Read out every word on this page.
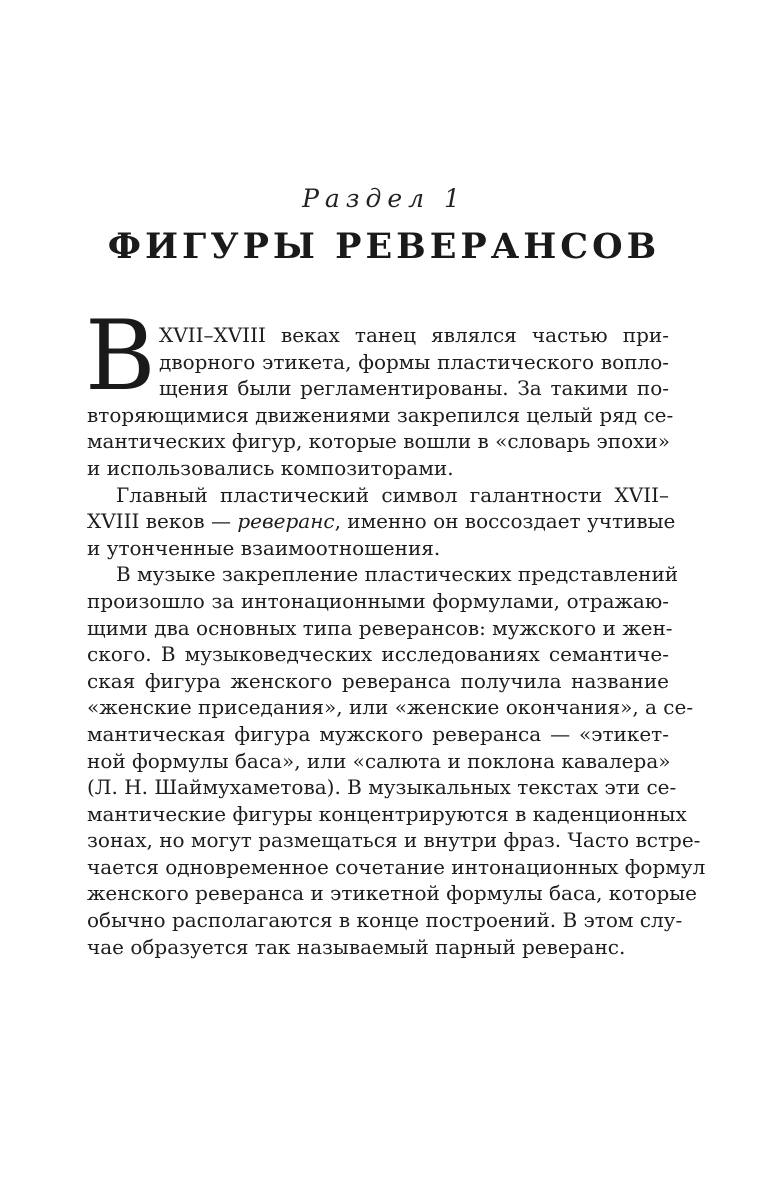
Раздел 1
ФИГУРЫ РЕВЕРАНСОВ
В XVII–XVIII веках танец являлся частью при-
дворного этикета, формы пластического вопло-
щения были регламентированы. За такими по-
вторяющимися движениями закрепился целый ряд се-
мантических фигур, которые вошли в «словарь эпохи»
и использовались композиторами.
Главный пластический символ галантности XVII–
XVIII веков — реверанс, именно он воссоздает учтивые
и утонченные взаимоотношения.
В музыке закрепление пластических представлений
произошло за интонационными формулами, отражаю-
щими два основных типа реверансов: мужского и жен-
ского. В музыковедческих исследованиях семантиче-
ская фигура женского реверанса получила название
«женские приседания», или «женские окончания», а се-
мантическая фигура мужского реверанса — «этикет-
ной формулы баса», или «салюта и поклона кавалера»
(Л. Н. Шаймухаметова). В музыкальных текстах эти се-
мантические фигуры концентрируются в каденционных
зонах, но могут размещаться и внутри фраз. Часто встре-
чается одновременное сочетание интонационных формул
женского реверанса и этикетной формулы баса, которые
обычно располагаются в конце построений. В этом слу-
чае образуется так называемый парный реверанс.
